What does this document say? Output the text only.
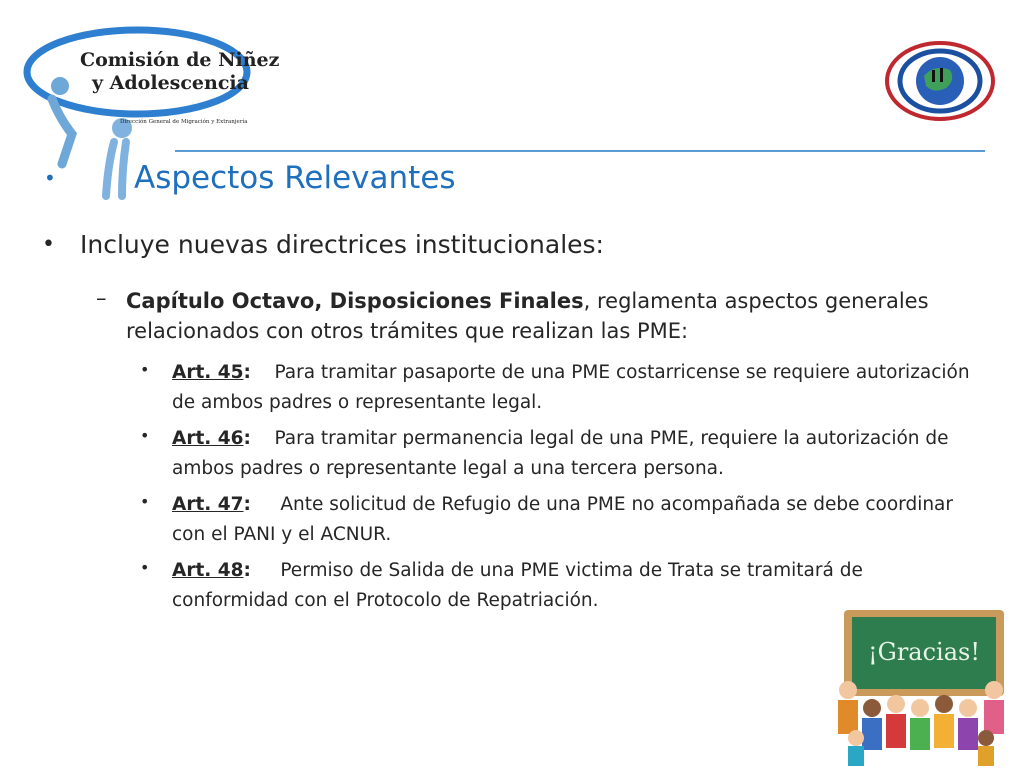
Comisión de Niñez
y Adolescencia
Dirección General de Migración y Extranjería
•	Aspectos Relevantes
• Incluye nuevas directrices institucionales:
– Capítulo Octavo, Disposiciones Finales, reglamenta aspectos generales relacionados con otros trámites que realizan las PME:
• Art. 45: Para tramitar pasaporte de una PME costarricense se requiere autorización de ambos padres o representante legal.
• Art. 46: Para tramitar permanencia legal de una PME, requiere la autorización de ambos padres o representante legal a una tercera persona.
• Art. 47: Ante solicitud de Refugio de una PME no acompañada se debe coordinar con el PANI y el ACNUR.
• Art. 48: Permiso de Salida de una PME victima de Trata se tramitará de conformidad con el Protocolo de Repatriación.
¡Gracias!
